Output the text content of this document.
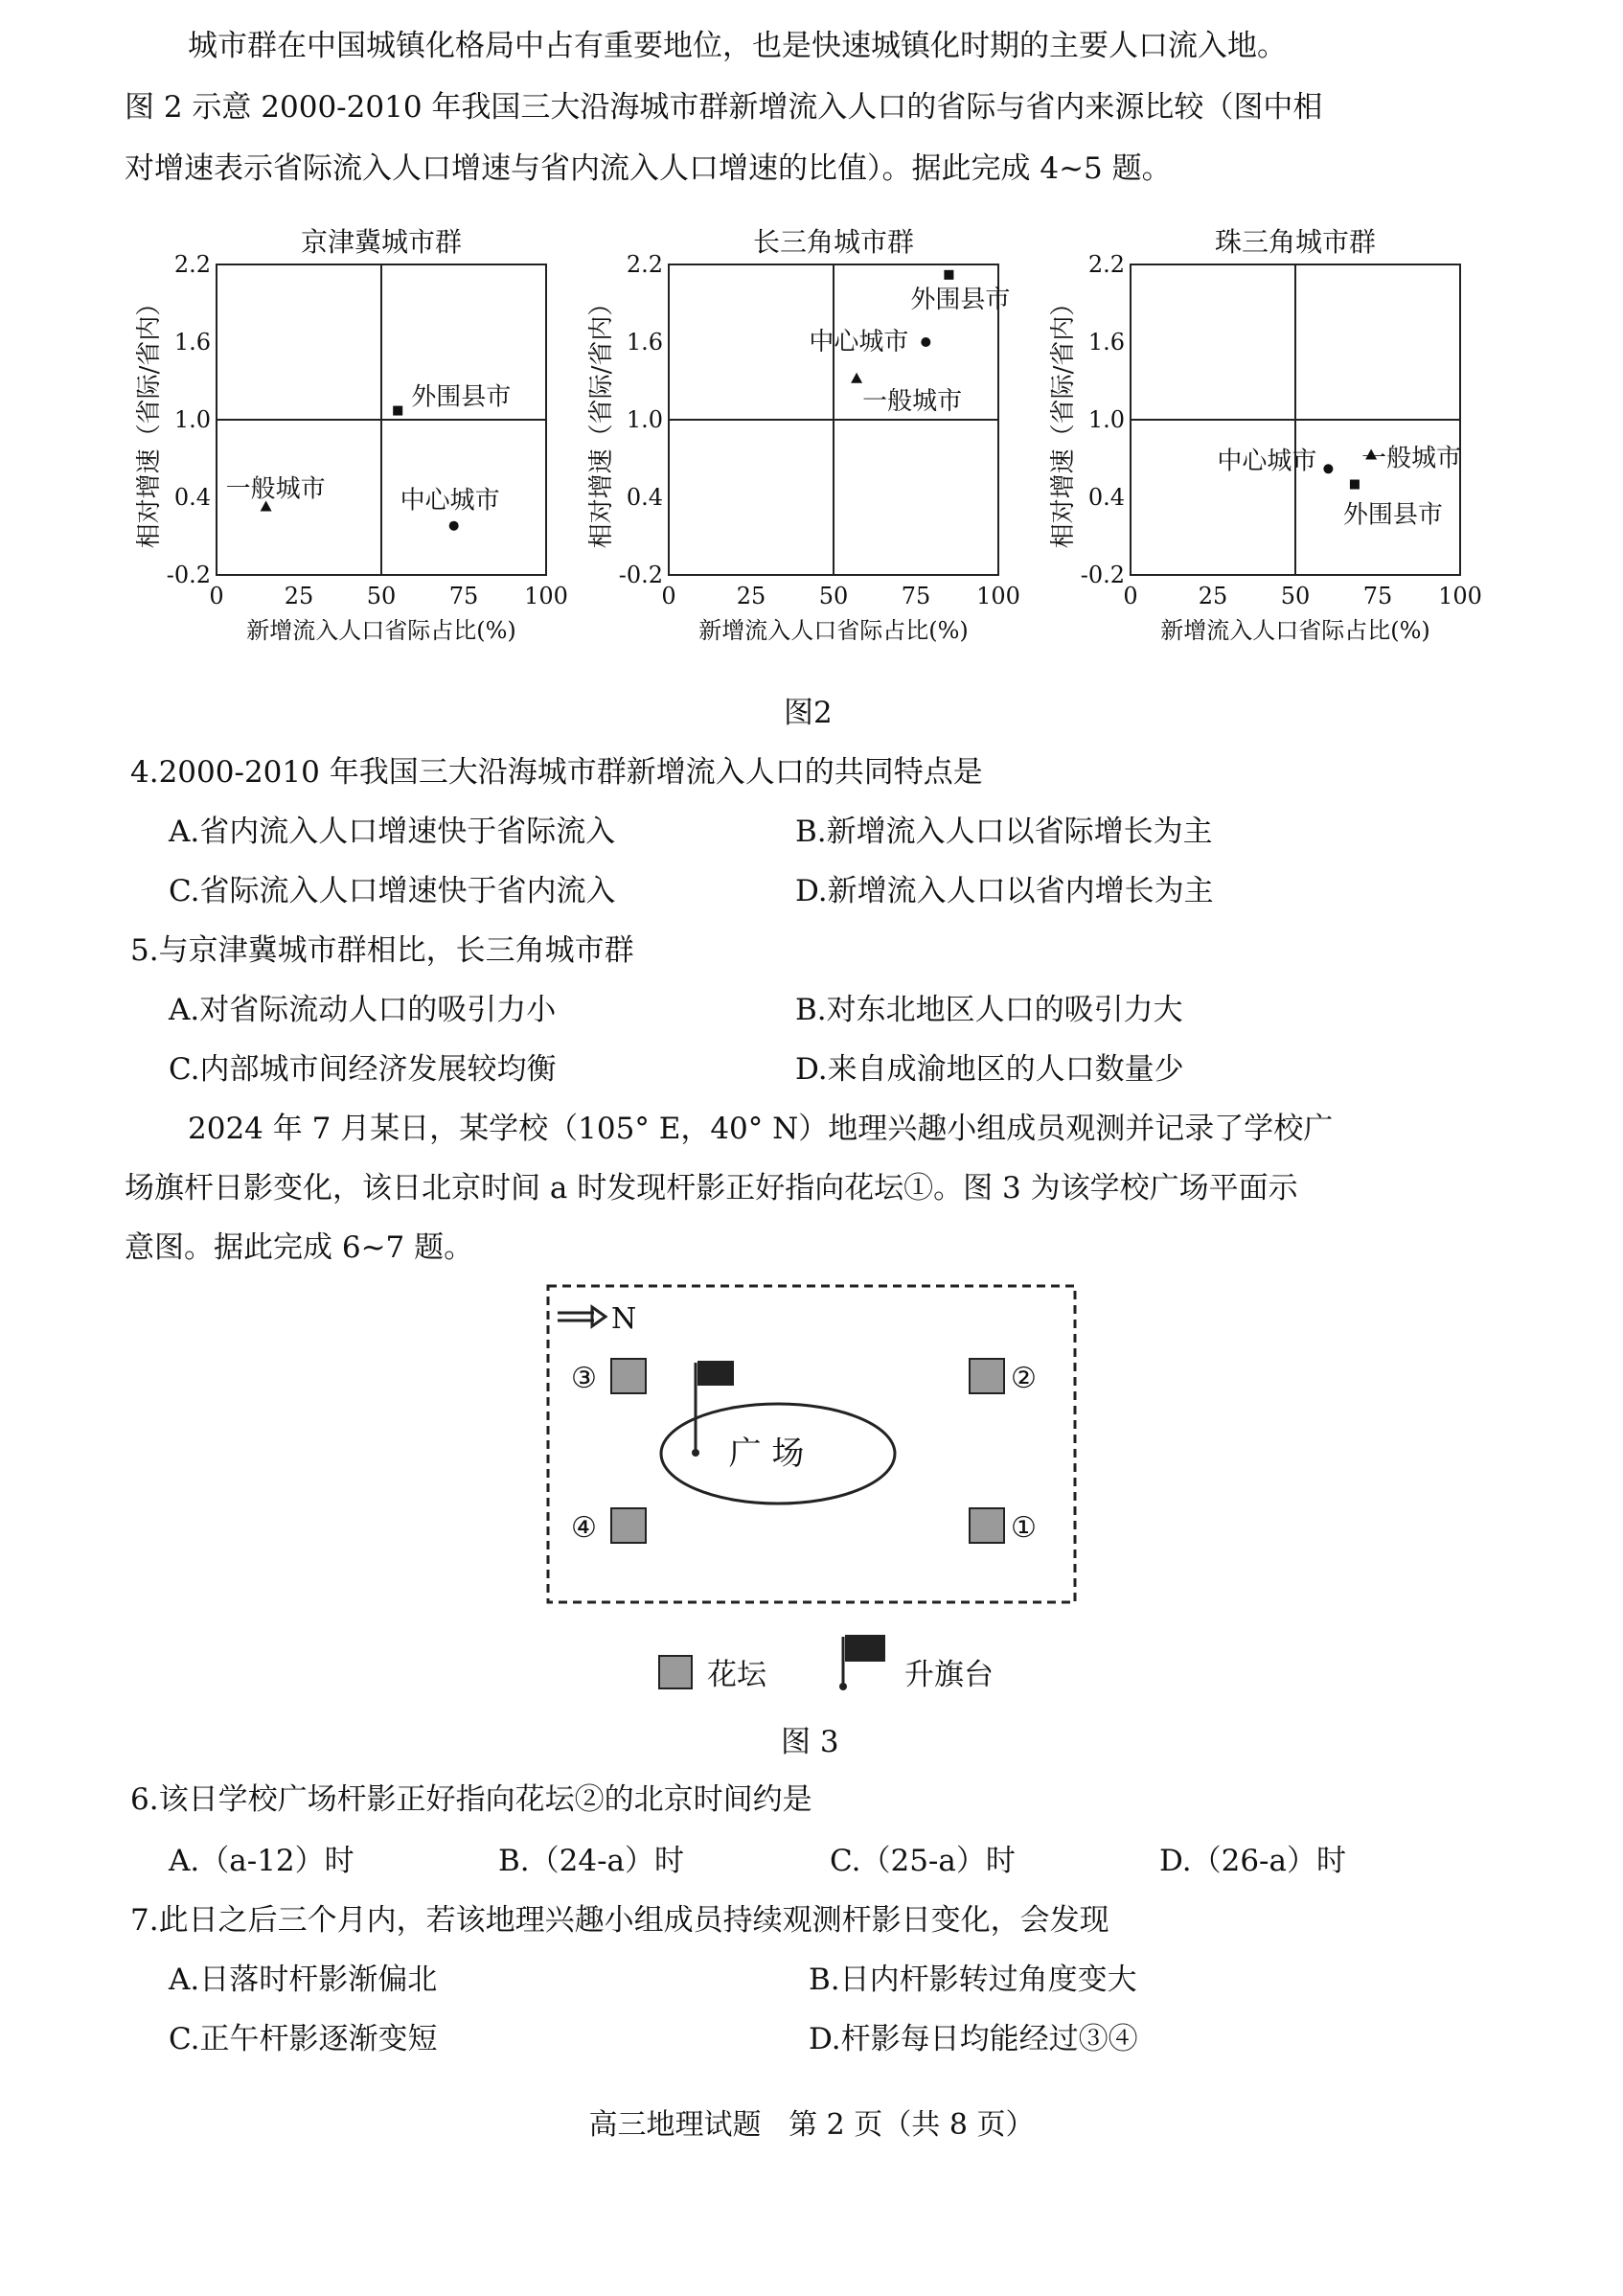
城市群在中国城镇化格局中占有重要地位，也是快速城镇化时期的主要人口流入地。
图 2 示意 2000-2010 年我国三大沿海城市群新增流入人口的省际与省内来源比较（图中相
对增速表示省际流入人口增速与省内流入人口增速的比值）。据此完成 4~5 题。
京津冀城市群
0	25 50 75 100
2.2
1.6
1.0
0.4
-0.2
新增流入人口省际占比(%)
相对增速（省际/省内）	外围县市
一般城市	中心城市
长三角城市群
0	25 50 75 100
2.2
1.6
1.0
0.4
-0.2
新增流入人口省际占比(%)
相对增速（省际/省内）	外围县市
中心城市
一般城市
珠三角城市群
0	25 50 75 100
2.2
1.6
1.0
0.4
-0.2
新增流入人口省际占比(%)
相对增速（省际/省内）	一般城市
中心城市
外围县市
图2
4.2000-2010 年我国三大沿海城市群新增流入人口的共同特点是
A.省内流入人口增速快于省际流入	B.新增流入人口以省际增长为主
C.省际流入人口增速快于省内流入	D.新增流入人口以省内增长为主
5.与京津冀城市群相比，长三角城市群
A.对省际流动人口的吸引力小	B.对东北地区人口的吸引力大
C.内部城市间经济发展较均衡	D.来自成渝地区的人口数量少
2024 年 7 月某日，某学校（105° E，40° N）地理兴趣小组成员观测并记录了学校广
场旗杆日影变化，该日北京时间 a 时发现杆影正好指向花坛①。图 3 为该学校广场平面示
意图。据此完成 6~7 题。
N
③	②
④	①
广 场
花坛	升旗台
图 3
6.该日学校广场杆影正好指向花坛②的北京时间约是
A.（a-12）时	B.（24-a）时	C.（25-a）时	D.（26-a）时
7.此日之后三个月内，若该地理兴趣小组成员持续观测杆影日变化，会发现
A.日落时杆影渐偏北	B.日内杆影转过角度变大
C.正午杆影逐渐变短	D.杆影每日均能经过③④
高三地理试题   第 2 页（共 8 页）
